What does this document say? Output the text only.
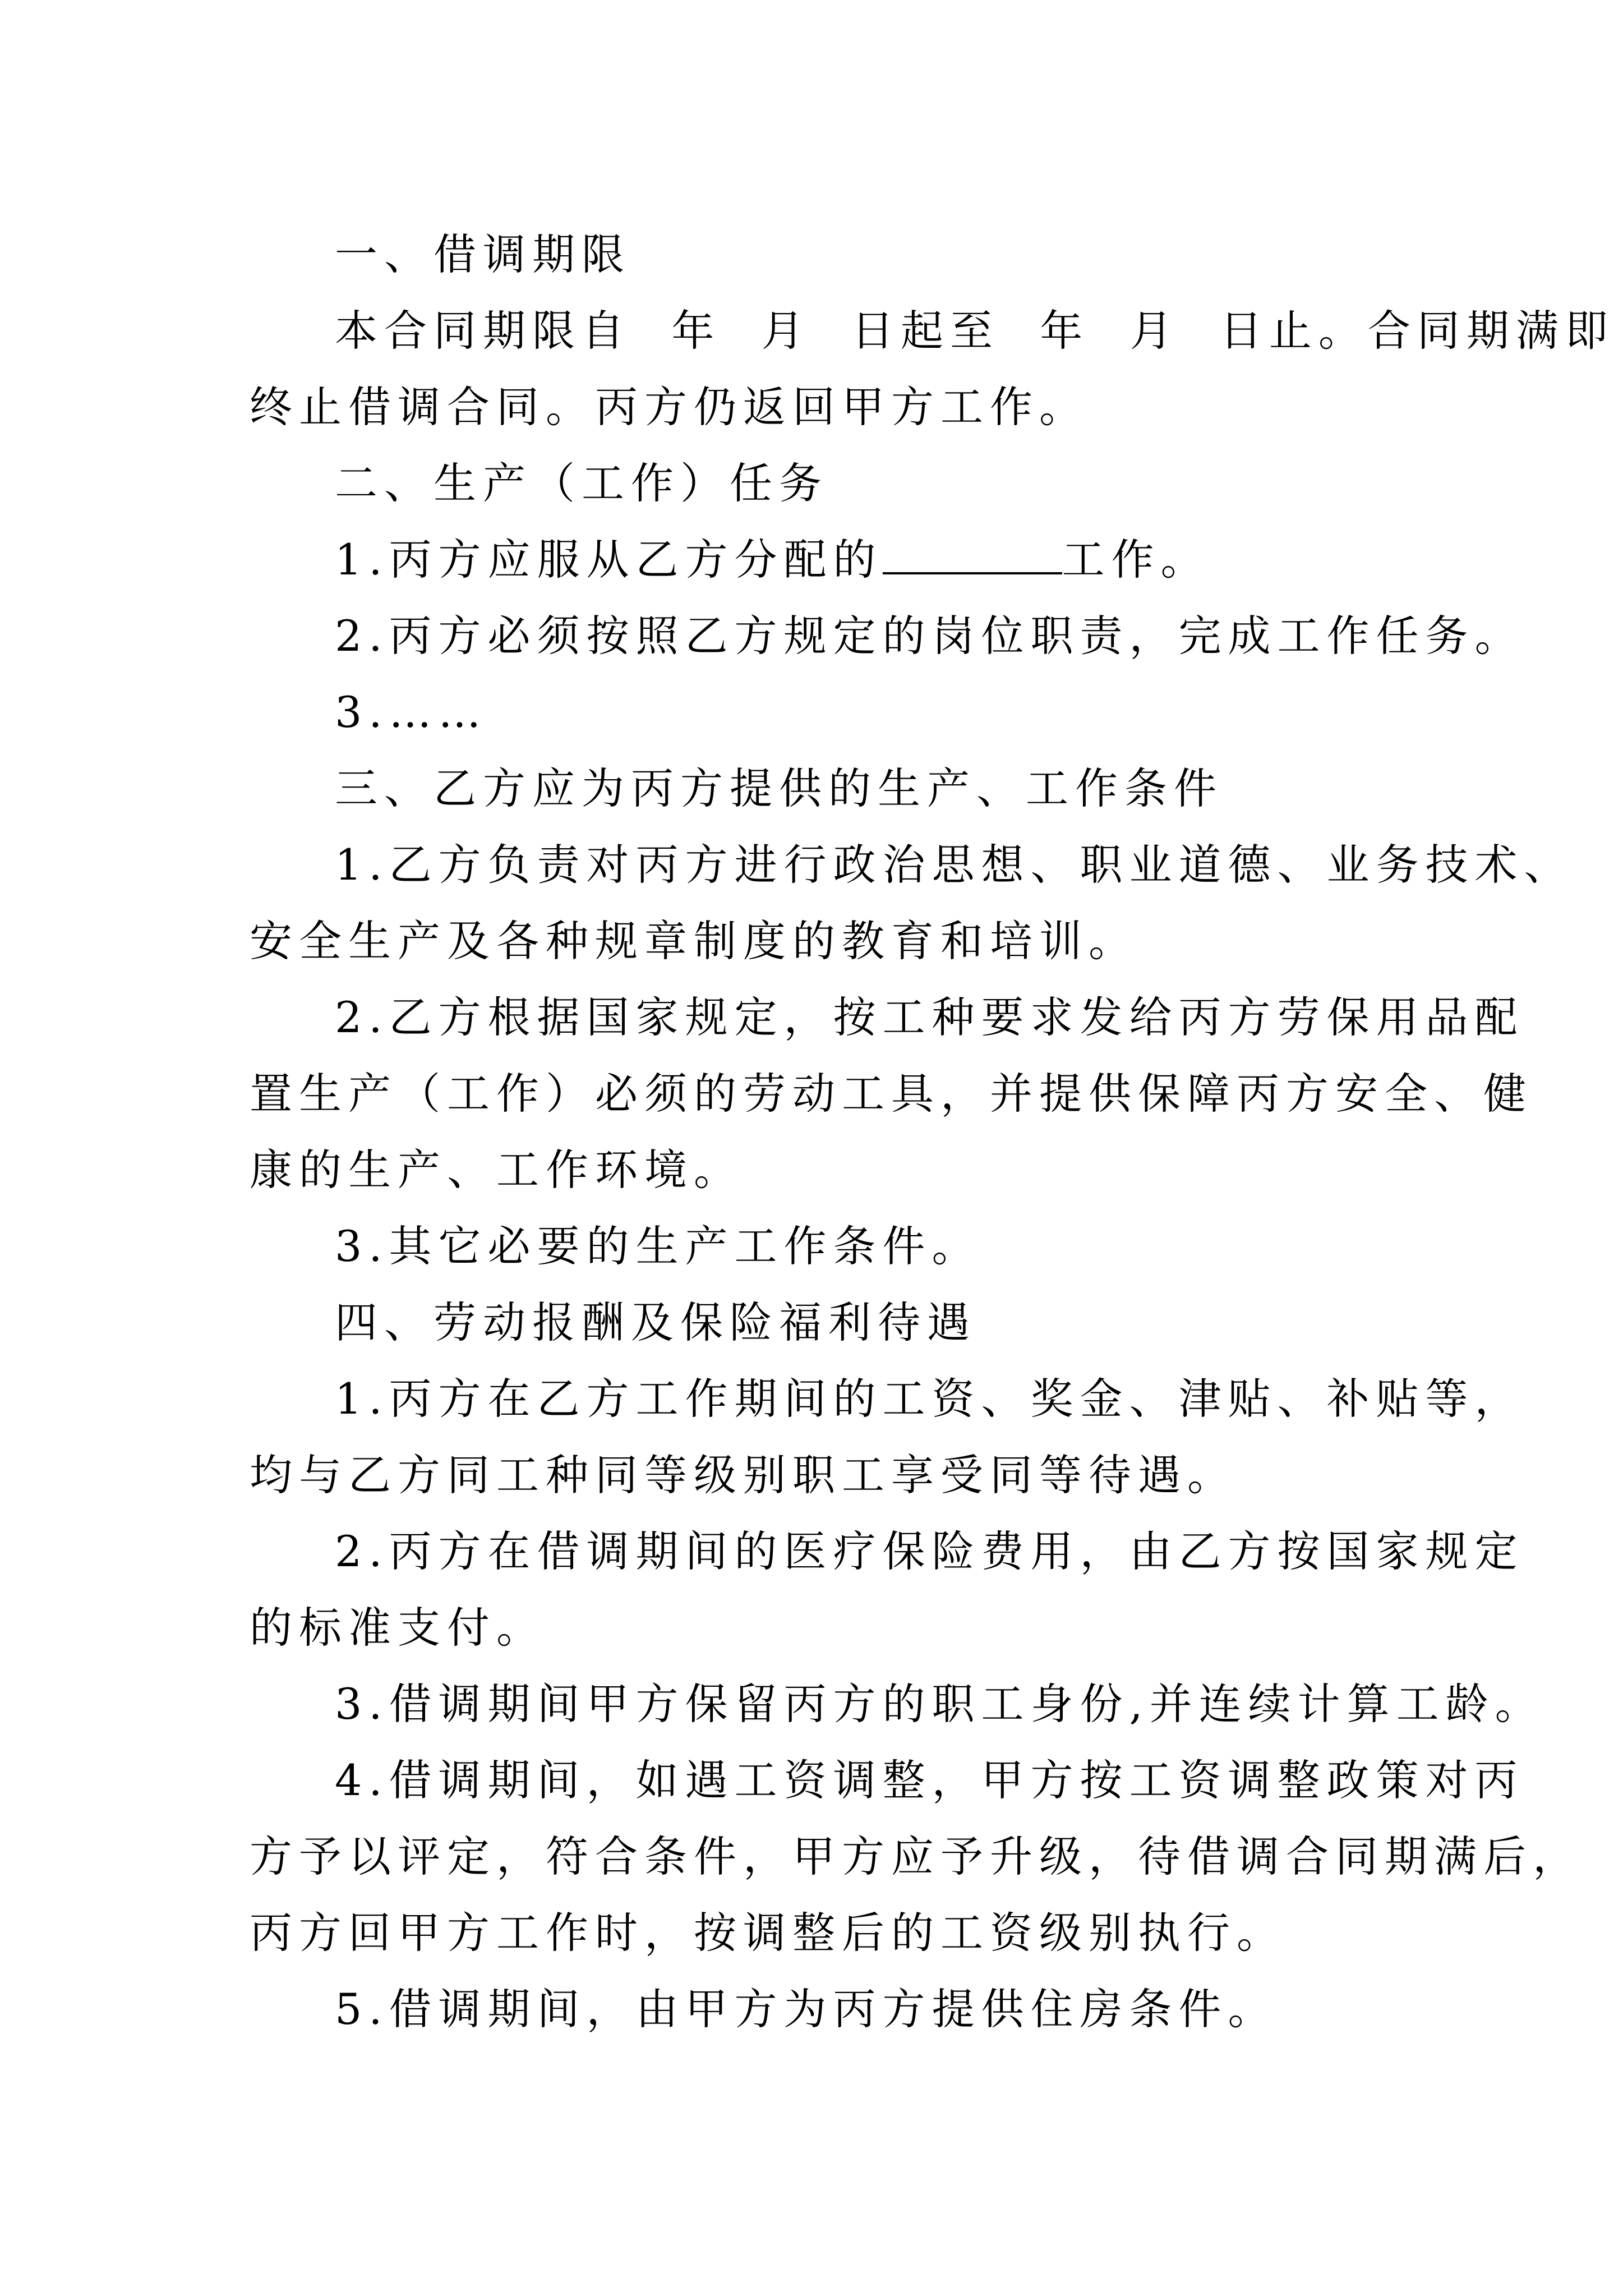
一、借调期限
本合同期限自  年  月  日起至  年  月  日止。合同期满即
终止借调合同。丙方仍返回甲方工作。
二、生产（工作）任务
1.丙方应服从乙方分配的	工作。
2.丙方必须按照乙方规定的岗位职责，完成工作任务。
3.……
三、乙方应为丙方提供的生产、工作条件
1.乙方负责对丙方进行政治思想、职业道德、业务技术、
安全生产及各种规章制度的教育和培训。
2.乙方根据国家规定，按工种要求发给丙方劳保用品配
置生产（工作）必须的劳动工具，并提供保障丙方安全、健
康的生产、工作环境。
3.其它必要的生产工作条件。
四、劳动报酬及保险福利待遇
1.丙方在乙方工作期间的工资、奖金、津贴、补贴等，
均与乙方同工种同等级别职工享受同等待遇。
2.丙方在借调期间的医疗保险费用，由乙方按国家规定
的标准支付。
3.借调期间甲方保留丙方的职工身份,并连续计算工龄。
4.借调期间，如遇工资调整，甲方按工资调整政策对丙
方予以评定，符合条件，甲方应予升级，待借调合同期满后，
丙方回甲方工作时，按调整后的工资级别执行。
5.借调期间，由甲方为丙方提供住房条件。
